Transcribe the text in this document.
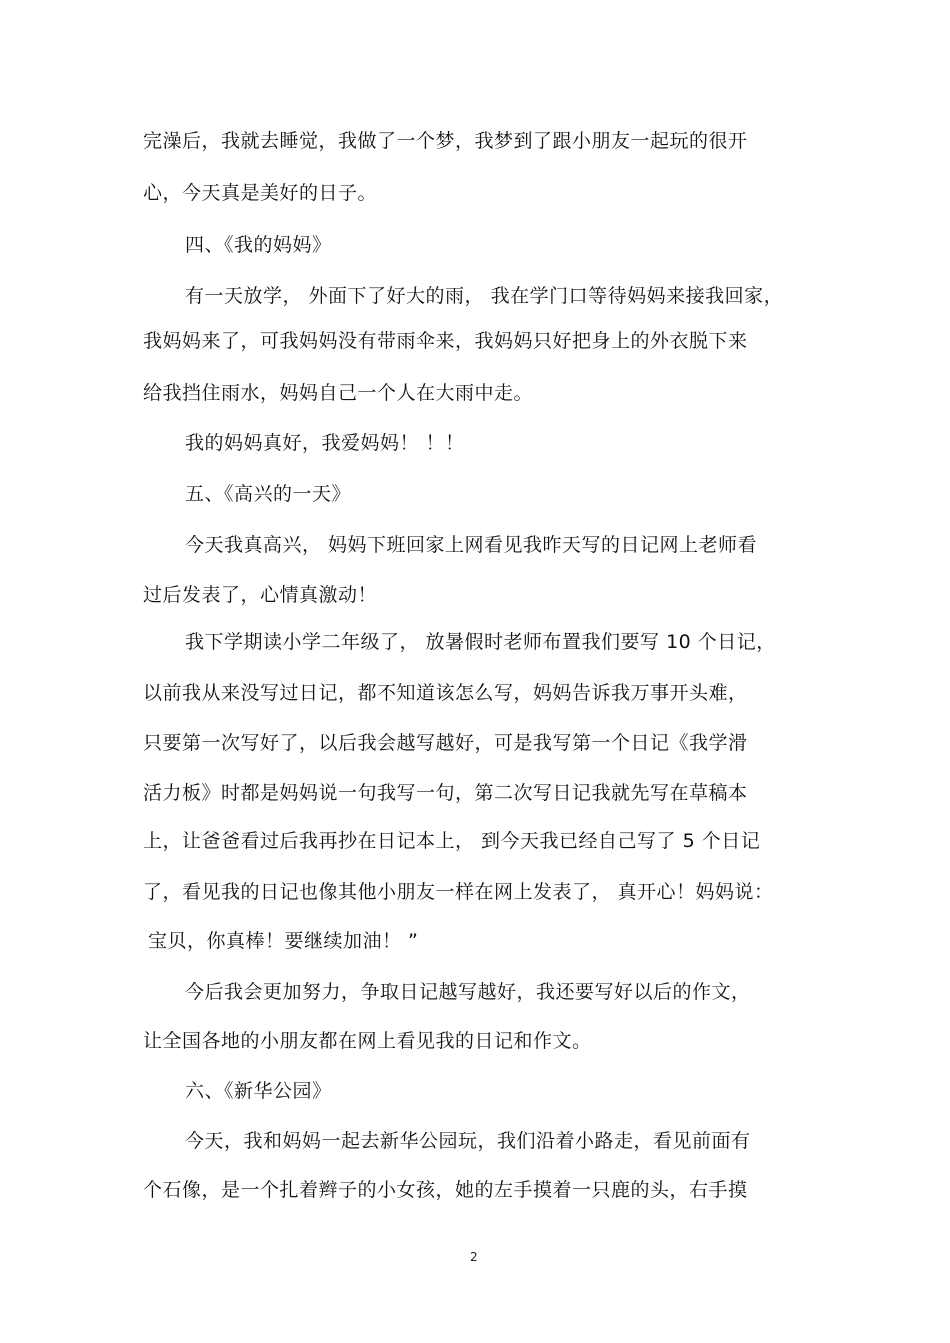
完澡后，我就去睡觉，我做了一个梦，我梦到了跟小朋友一起玩的很开
心，今天真是美好的日子。
四、《我的妈妈》
有一天放学， 外面下了好大的雨， 我在学门口等待妈妈来接我回家，
我妈妈来了，可我妈妈没有带雨伞来，我妈妈只好把身上的外衣脱下来
给我挡住雨水，妈妈自己一个人在大雨中走。
我的妈妈真好，我爱妈妈！ ！！
五、《高兴的一天》
今天我真高兴， 妈妈下班回家上网看见我昨天写的日记网上老师看
过后发表了，心情真激动！
我下学期读小学二年级了， 放暑假时老师布置我们要写 10 个日记，
以前我从来没写过日记，都不知道该怎么写，妈妈告诉我万事开头难，
只要第一次写好了，以后我会越写越好，可是我写第一个日记《我学滑
活力板》时都是妈妈说一句我写一句，第二次写日记我就先写在草稿本
上，让爸爸看过后我再抄在日记本上， 到今天我已经自己写了 5 个日记
了，看见我的日记也像其他小朋友一样在网上发表了， 真开心！妈妈说：
宝贝，你真棒！要继续加油！ ”
今后我会更加努力，争取日记越写越好，我还要写好以后的作文，
让全国各地的小朋友都在网上看见我的日记和作文。
六、《新华公园》
今天，我和妈妈一起去新华公园玩，我们沿着小路走，看见前面有
个石像，是一个扎着辫子的小女孩，她的左手摸着一只鹿的头，右手摸
2
